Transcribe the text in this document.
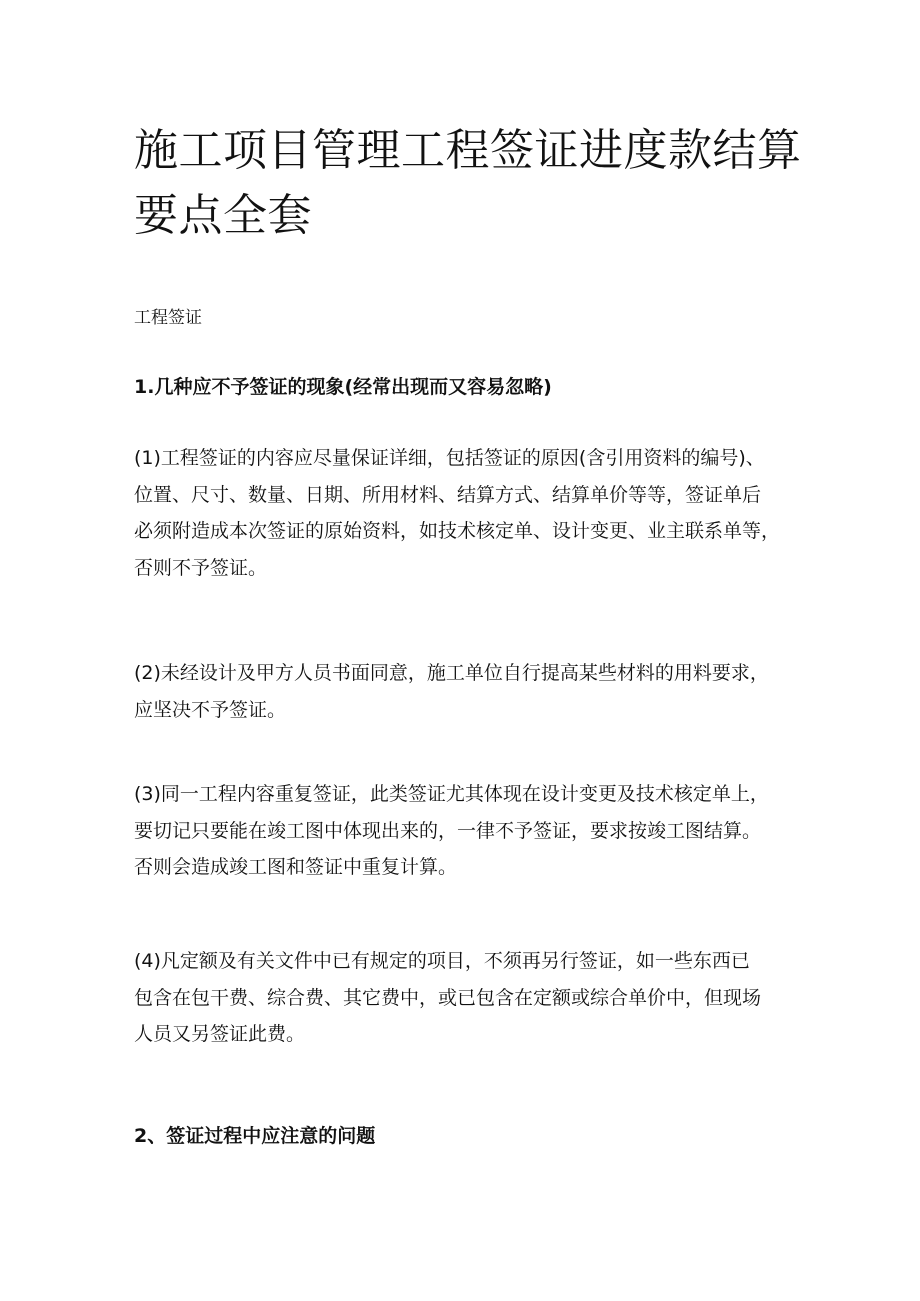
施工项目管理工程签证进度款结算
要点全套

工程签证

1.几种应不予签证的现象(经常出现而又容易忽略)

(1)工程签证的内容应尽量保证详细，包括签证的原因(含引用资料的编号)、
位置、尺寸、数量、日期、所用材料、结算方式、结算单价等等，签证单后
必须附造成本次签证的原始资料，如技术核定单、设计变更、业主联系单等，
否则不予签证。

(2)未经设计及甲方人员书面同意，施工单位自行提高某些材料的用料要求，
应坚决不予签证。

(3)同一工程内容重复签证，此类签证尤其体现在设计变更及技术核定单上，
要切记只要能在竣工图中体现出来的，一律不予签证，要求按竣工图结算。
否则会造成竣工图和签证中重复计算。

(4)凡定额及有关文件中已有规定的项目，不须再另行签证，如一些东西已
包含在包干费、综合费、其它费中，或已包含在定额或综合单价中，但现场
人员又另签证此费。

2、签证过程中应注意的问题
